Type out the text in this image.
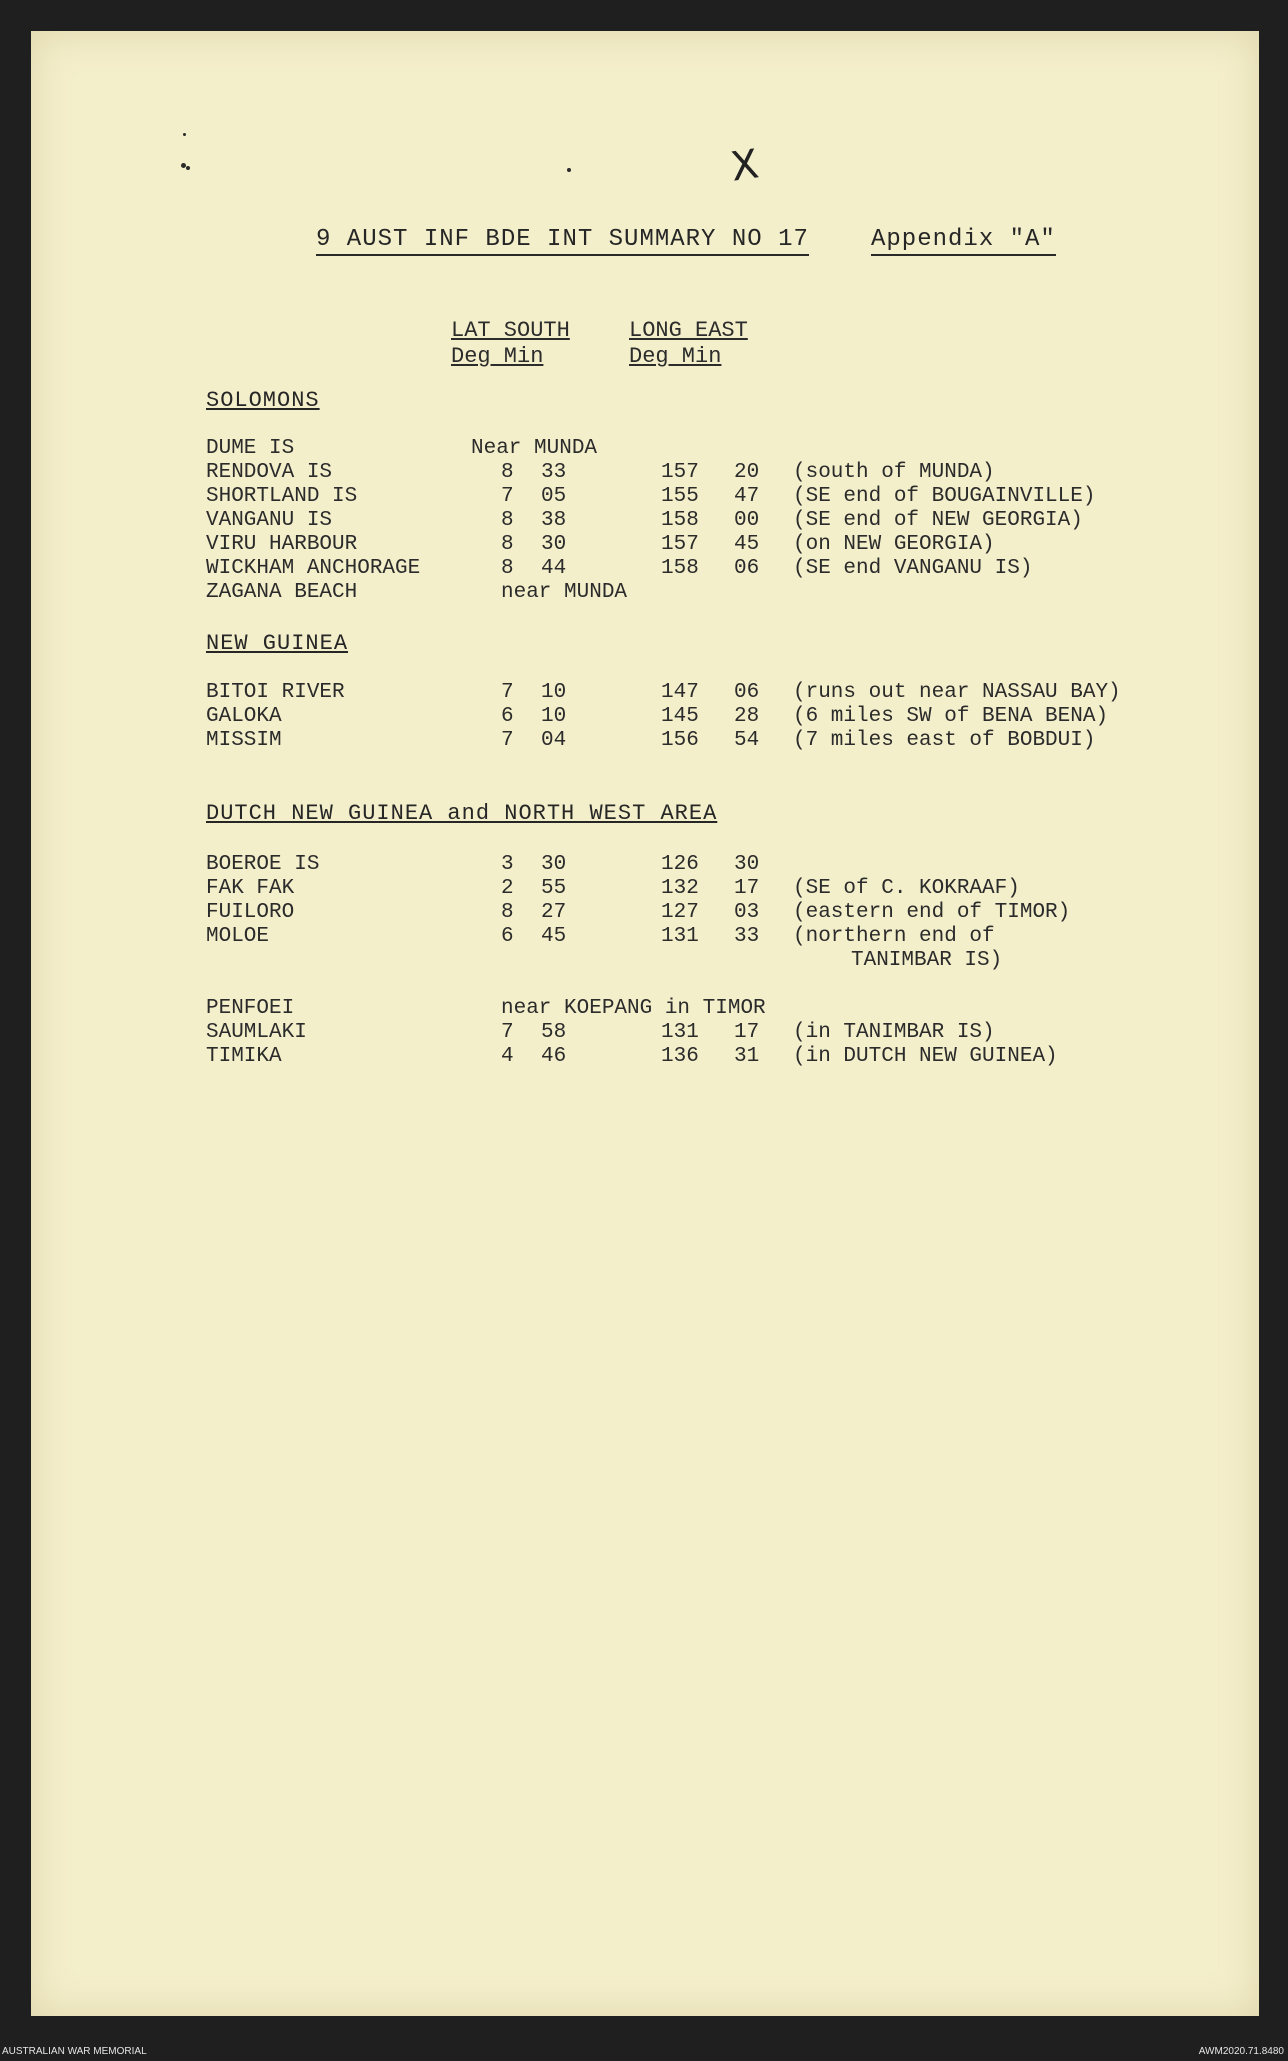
X
9 AUST INF BDE INT SUMMARY NO 17	Appendix "A"
LAT SOUTH
Deg Min
LONG EAST
Deg Min
SOLOMONS
DUME IS	Near MUNDA
RENDOVA IS	8 33	157 20 (south of MUNDA)
SHORTLAND IS	7 05	155 47 (SE end of BOUGAINVILLE)
VANGANU IS	8 38	158 00 (SE end of NEW GEORGIA)
VIRU HARBOUR	8 30	157 45 (on NEW GEORGIA)
WICKHAM ANCHORAGE	8 44	158 06 (SE end VANGANU IS)
ZAGANA BEACH	near MUNDA
NEW GUINEA
BITOI RIVER	7 10	147 06 (runs out near NASSAU BAY)
GALOKA	6 10	145 28 (6 miles SW of BENA BENA)
MISSIM	7 04	156 54 (7 miles east of BOBDUI)
DUTCH NEW GUINEA and NORTH WEST AREA
BOEROE IS	3 30	126 30
FAK FAK	2 55	132 17 (SE of C. KOKRAAF)
FUILORO	8 27	127 03 (eastern end of TIMOR)
MOLOE	6 45	131 33 (northern end of
TANIMBAR IS)
PENFOEI	near KOEPANG in TIMOR
SAUMLAKI	7 58	131 17 (in TANIMBAR IS)
TIMIKA	4 46	136 31 (in DUTCH NEW GUINEA)
AUSTRALIAN WAR MEMORIAL	AWM2020.71.8480
